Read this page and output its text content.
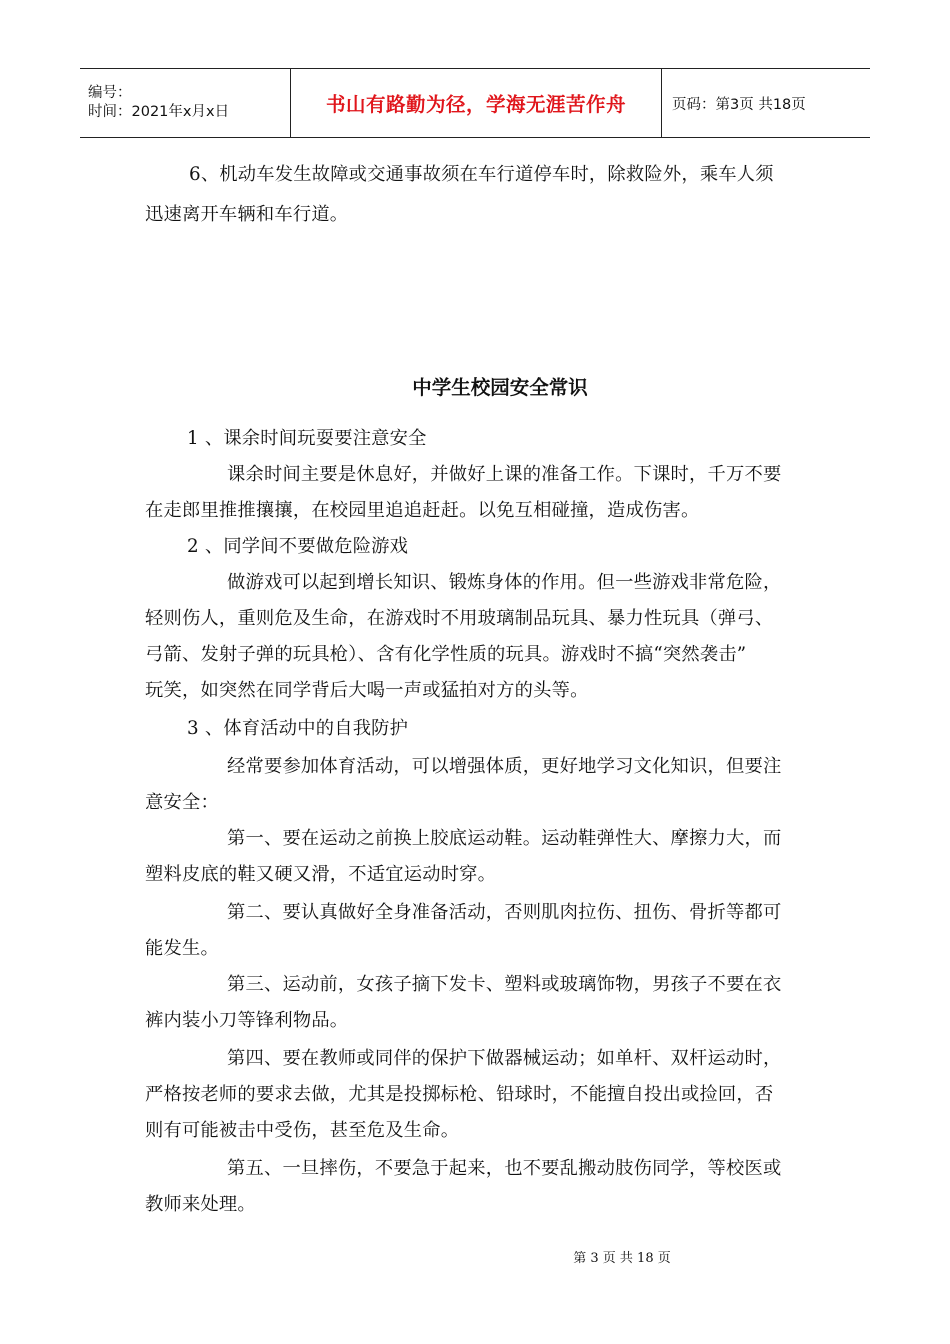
编号：
时间：2021年x月x日	书山有路勤为径，学海无涯苦作舟	页码：第3页 共18页
6、机动车发生故障或交通事故须在车行道停车时，除救险外，乘车人须
迅速离开车辆和车行道。
中学生校园安全常识
1 、课余时间玩耍要注意安全
课余时间主要是休息好，并做好上课的准备工作。下课时，千万不要
在走郎里推推攘攘，在校园里追追赶赶。以免互相碰撞，造成伤害。
2 、同学间不要做危险游戏
做游戏可以起到增长知识、锻炼身体的作用。但一些游戏非常危险，
轻则伤人，重则危及生命，在游戏时不用玻璃制品玩具、暴力性玩具（弹弓、
弓箭、发射子弹的玩具枪）、含有化学性质的玩具。游戏时不搞“突然袭击”
玩笑，如突然在同学背后大喝一声或猛拍对方的头等。
3 、体育活动中的自我防护
经常要参加体育活动，可以增强体质，更好地学习文化知识，但要注
意安全：
第一、要在运动之前换上胶底运动鞋。运动鞋弹性大、摩擦力大，而
塑料皮底的鞋又硬又滑，不适宜运动时穿。
第二、要认真做好全身准备活动，否则肌肉拉伤、扭伤、骨折等都可
能发生。
第三、运动前，女孩子摘下发卡、塑料或玻璃饰物，男孩子不要在衣
裤内装小刀等锋利物品。
第四、要在教师或同伴的保护下做器械运动；如单杆、双杆运动时，
严格按老师的要求去做，尤其是投掷标枪、铅球时，不能擅自投出或捡回，否
则有可能被击中受伤，甚至危及生命。
第五、一旦摔伤，不要急于起来，也不要乱搬动肢伤同学，等校医或
教师来处理。
第 3 页 共 18 页
